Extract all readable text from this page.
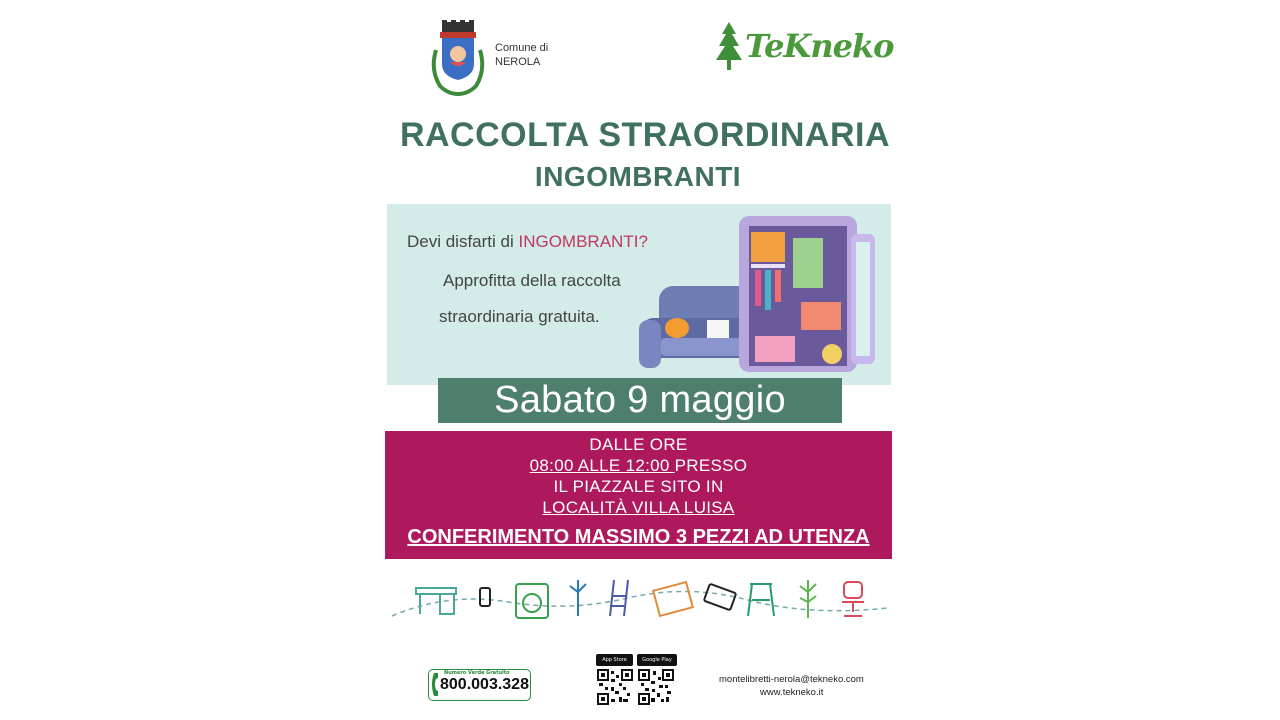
Comune di
NEROLA	TeKneko
RACCOLTA STRAORDINARIA
INGOMBRANTI
Devi disfarti di INGOMBRANTI?
Approfitta della raccolta
straordinaria gratuita.
Sabato 9 maggio
DALLE ORE
08:00 ALLE 12:00 PRESSO
IL PIAZZALE SITO IN
LOCALITÀ VILLA LUISA
CONFERIMENTO MASSIMO 3 PEZZI AD UTENZA
Numero Verde Gratuito
800.003.328
App Store	Google Play
montelibretti-nerola@tekneko.com
www.tekneko.it
